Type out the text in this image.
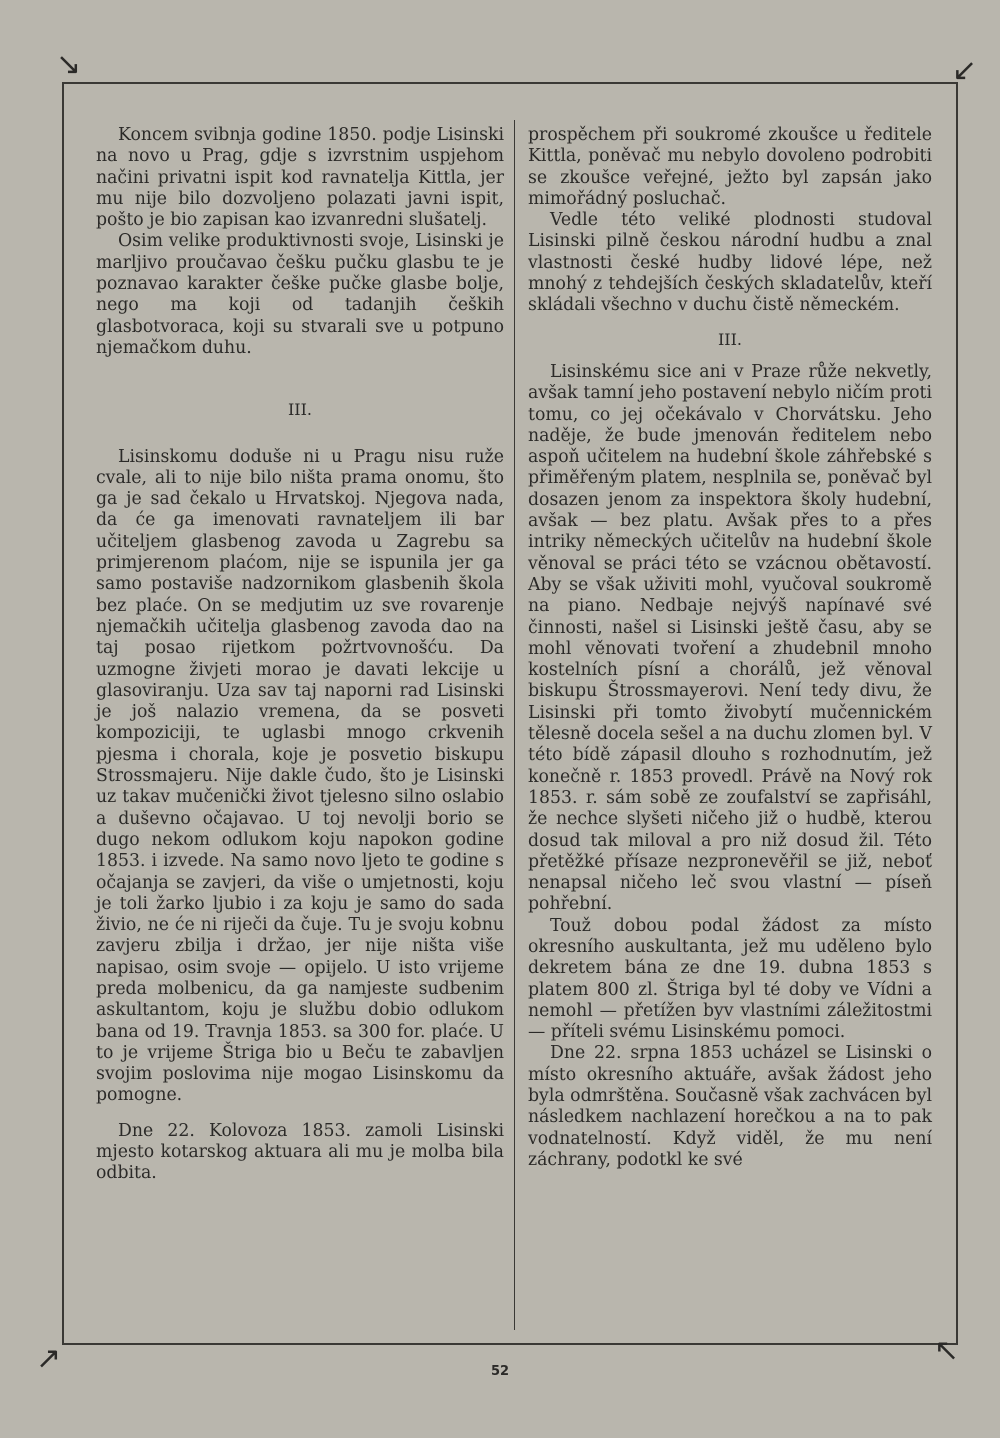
↘	↙
↗	↖

Koncem svibnja godine 1850. podje Lisinski na novo u Prag, gdje s izvrstnim uspjehom načini privatni ispit kod ravnatelja Kittla, jer mu nije bilo dozvoljeno polazati javni ispit, pošto je bio zapisan kao izvanredni slušatelj.

Osim velike produktivnosti svoje, Lisinski je marljivo proučavao češku pučku glasbu te je poznavao karakter češke pučke glasbe bolje, nego ma koji od tadanjih čeških glasbotvoraca, koji su stvarali sve u potpuno njemačkom duhu.

III.

Lisinskomu doduše ni u Pragu nisu ruže cvale, ali to nije bilo ništa prama onomu, što ga je sad čekalo u Hrvatskoj. Njegova nada, da će ga imenovati ravnateljem ili bar učiteljem glasbenog zavoda u Zagrebu sa primjerenom plaćom, nije se ispunila jer ga samo postaviše nadzornikom glasbenih škola bez plaće. On se medjutim uz sve rovarenje njemačkih učitelja glasbenog zavoda dao na taj posao rijetkom požrtvovnošću. Da uzmogne živjeti morao je davati lekcije u glasoviranju. Uza sav taj naporni rad Lisinski je još nalazio vremena, da se posveti kompoziciji, te uglasbi mnogo crkvenih pjesma i chorala, koje je posvetio biskupu Strossmajeru. Nije dakle čudo, što je Lisinski uz takav mučenički život tjelesno silno oslabio a duševno očajavao. U toj nevolji borio se dugo nekom odlukom koju napokon godine 1853. i izvede. Na samo novo ljeto te godine s očajanja se zavjeri, da više o umjetnosti, koju je toli žarko ljubio i za koju je samo do sada živio, ne će ni riječi da čuje. Tu je svoju kobnu zavjeru zbilja i držao, jer nije ništa više napisao, osim svoje — opijelo. U isto vrijeme preda molbenicu, da ga namjeste sudbenim askultantom, koju je službu dobio odlukom bana od 19. Travnja 1853. sa 300 for. plaće. U to je vrijeme Štriga bio u Beču te zabavljen svojim poslovima nije mogao Lisinskomu da pomogne.

Dne 22. Kolovoza 1853. zamoli Lisinski mjesto kotarskog aktuara ali mu je molba bila odbita.

prospěchem při soukromé zkoušce u ředitele Kittla, poněvač mu nebylo dovoleno podrobiti se zkoušce veřejné, ježto byl zapsán jako mimořádný posluchač.

Vedle této veliké plodnosti studoval Lisinski pilně českou národní hudbu a znal vlastnosti české hudby lidové lépe, než mnohý z tehdejších českých skladatelův, kteří skládali všechno v duchu čistě německém.

III.

Lisinskému sice ani v Praze růže nekvetly, avšak tamní jeho postavení nebylo ničím proti tomu, co jej očekávalo v Chorvátsku. Jeho naděje, že bude jmenován ředitelem nebo aspoň učitelem na hudební škole záhřebské s přiměřeným platem, nesplnila se, poněvač byl dosazen jenom za inspektora školy hudební, avšak — bez platu. Avšak přes to a přes intriky německých učitelův na hudební škole věnoval se práci této se vzácnou obětavostí. Aby se však uživiti mohl, vyučoval soukromě na piano. Nedbaje nejvýš napínavé své činnosti, našel si Lisinski ještě času, aby se mohl věnovati tvoření a zhudebnil mnoho kostelních písní a chorálů, jež věnoval biskupu Štrossmayerovi. Není tedy divu, že Lisinski při tomto živobytí mučennickém tělesně docela sešel a na duchu zlomen byl. V této bídě zápasil dlouho s rozhodnutím, jež konečně r. 1853 provedl. Právě na Nový rok 1853. r. sám sobě ze zoufalství se zapřisáhl, že nechce slyšeti ničeho již o hudbě, kterou dosud tak miloval a pro niž dosud žil. Této přetěžké přísaze nezpronevěřil se již, neboť nenapsal ničeho leč svou vlastní — píseň pohřební.

Touž dobou podal žádost za místo okresního auskultanta, jež mu uděleno bylo dekretem bána ze dne 19. dubna 1853 s platem 800 zl. Štriga byl té doby ve Vídni a nemohl — přetížen byv vlastními záležitostmi — příteli svému Lisinskému pomoci.

Dne 22. srpna 1853 ucházel se Lisinski o místo okresního aktuáře, avšak žádost jeho byla odmrštěna. Současně však zachvácen byl následkem nachlazení horečkou a na to pak vodnatelností. Když viděl, že mu není záchrany, podotkl ke své

52
